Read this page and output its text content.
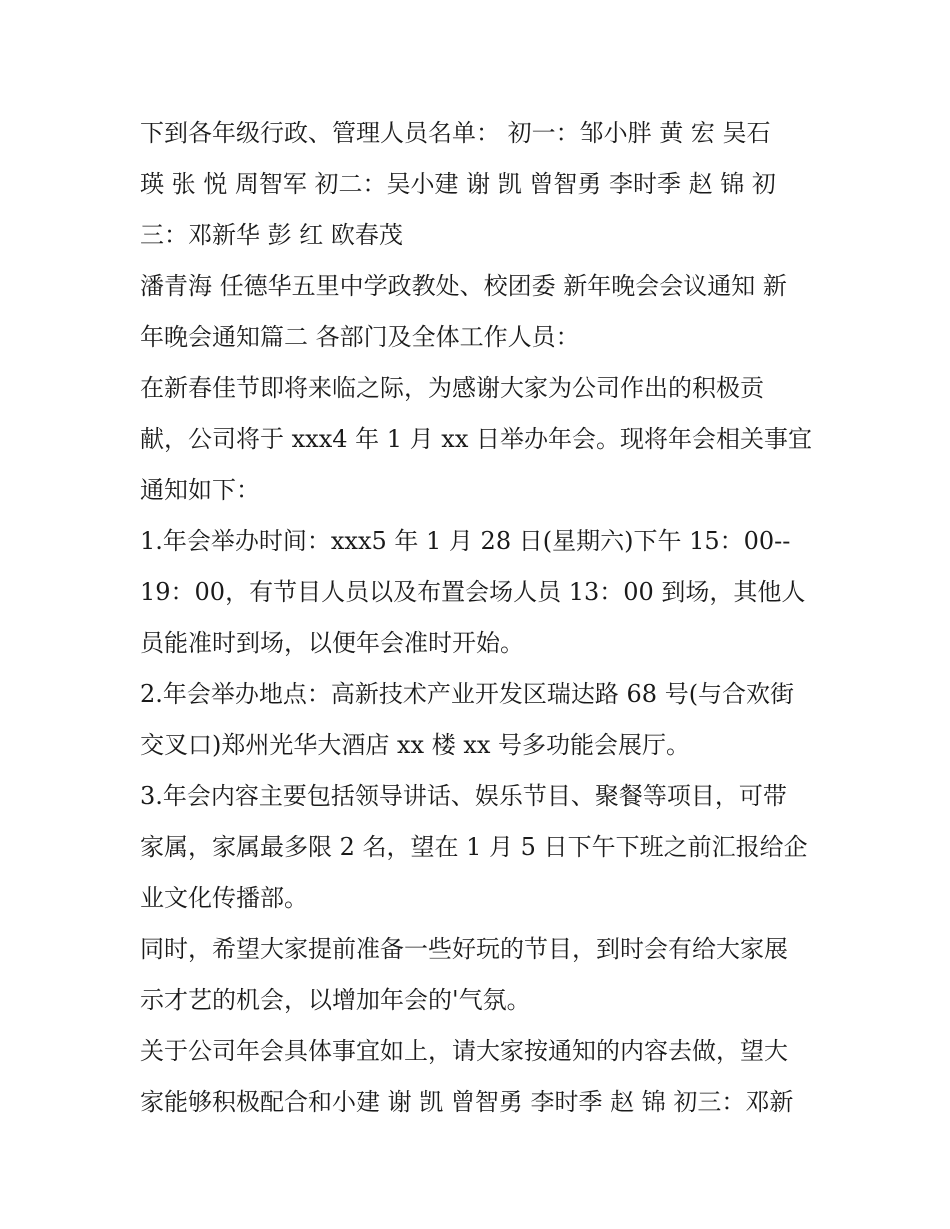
下到各年级行政、管理人员名单： 初一：邹小胖 黄 宏 吴石
瑛 张 悦 周智军 初二：吴小建 谢 凯 曾智勇 李时季 赵 锦 初
三：邓新华 彭 红 欧春茂
潘青海 任德华五里中学政教处、校团委 新年晚会会议通知 新
年晚会通知篇二 各部门及全体工作人员：
在新春佳节即将来临之际，为感谢大家为公司作出的积极贡
献，公司将于 xxx4 年 1 月 xx 日举办年会。现将年会相关事宜
通知如下：
1.年会举办时间：xxx5 年 1 月 28 日(星期六)下午 15：00--
19：00，有节目人员以及布置会场人员 13：00 到场，其他人
员能准时到场，以便年会准时开始。
2.年会举办地点：高新技术产业开发区瑞达路 68 号(与合欢街
交叉口)郑州光华大酒店 xx 楼 xx 号多功能会展厅。
3.年会内容主要包括领导讲话、娱乐节目、聚餐等项目，可带
家属，家属最多限 2 名，望在 1 月 5 日下午下班之前汇报给企
业文化传播部。
同时，希望大家提前准备一些好玩的节目，到时会有给大家展
示才艺的机会，以增加年会的'气氛。
关于公司年会具体事宜如上，请大家按通知的内容去做，望大
家能够积极配合和小建 谢 凯 曾智勇 李时季 赵 锦 初三：邓新
